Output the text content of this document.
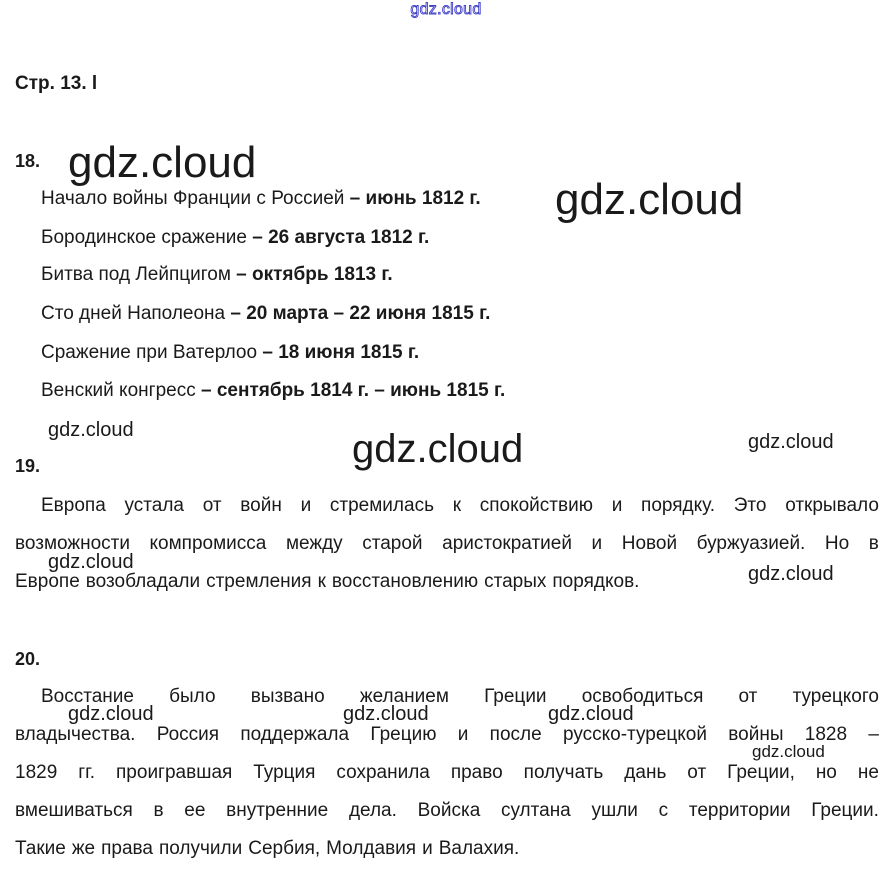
gdz.cloud
Стр. 13. l
18.
Начало войны Франции с Россией – июнь 1812 г.
Бородинское сражение – 26 августа 1812 г.
Битва под Лейпцигом – октябрь 1813 г.
Сто дней Наполеона – 20 марта – 22 июня 1815 г.
Сражение при Ватерлоо – 18 июня 1815 г.
Венский конгресс – сентябрь 1814 г. – июнь 1815 г.
19.
Европа устала от войн и стремилась к спокойствию и порядку. Это открывало
возможности компромисса между старой аристократией и Новой буржуазией. Но в
Европе возобладали стремления к восстановлению старых порядков.
20.
Восстание было вызвано желанием Греции освободиться от турецкого
владычества. Россия поддержала Грецию и после русско-турецкой войны 1828 –
1829 гг. проигравшая Турция сохранила право получать дань от Греции, но не
вмешиваться в ее внутренние дела. Войска султана ушли с территории Греции.
Такие же права получили Сербия, Молдавия и Валахия.
gdz.cloud
gdz.cloud
gdz.cloud
gdz.cloud
gdz.cloud
gdz.cloud
gdz.cloud
gdz.cloud	gdz.cloud	gdz.cloud
gdz.cloud
